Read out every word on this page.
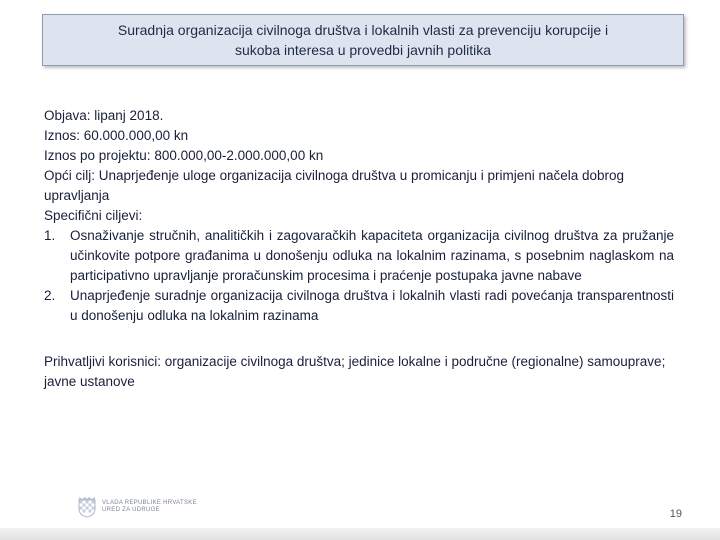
Suradnja organizacija civilnoga društva i lokalnih vlasti za prevenciju korupcije i
sukoba interesa u provedbi javnih politika

Objava: lipanj 2018.

Iznos: 60.000.000,00 kn

Iznos po projektu: 800.000,00-2.000.000,00 kn

Opći cilj: Unaprjeđenje uloge organizacija civilnoga društva u promicanju i primjeni načela dobrog upravljanja

Specifični ciljevi:

1.	Osnaživanje stručnih, analitičkih i zagovaračkih kapaciteta organizacija civilnog društva za pružanje učinkovite potpore građanima u donošenju odluka na lokalnim razinama, s posebnim naglaskom na participativno upravljanje proračunskim procesima i praćenje postupaka javne nabave
2.	Unaprjeđenje suradnje organizacija civilnoga društva i lokalnih vlasti radi povećanja transparentnosti u donošenju odluka na lokalnim razinama

Prihvatljivi korisnici: organizacije civilnoga društva; jedinice lokalne i područne (regionalne) samouprave; javne ustanove

VLADA REPUBLIKE HRVATSKE
URED ZA UDRUGE	19
